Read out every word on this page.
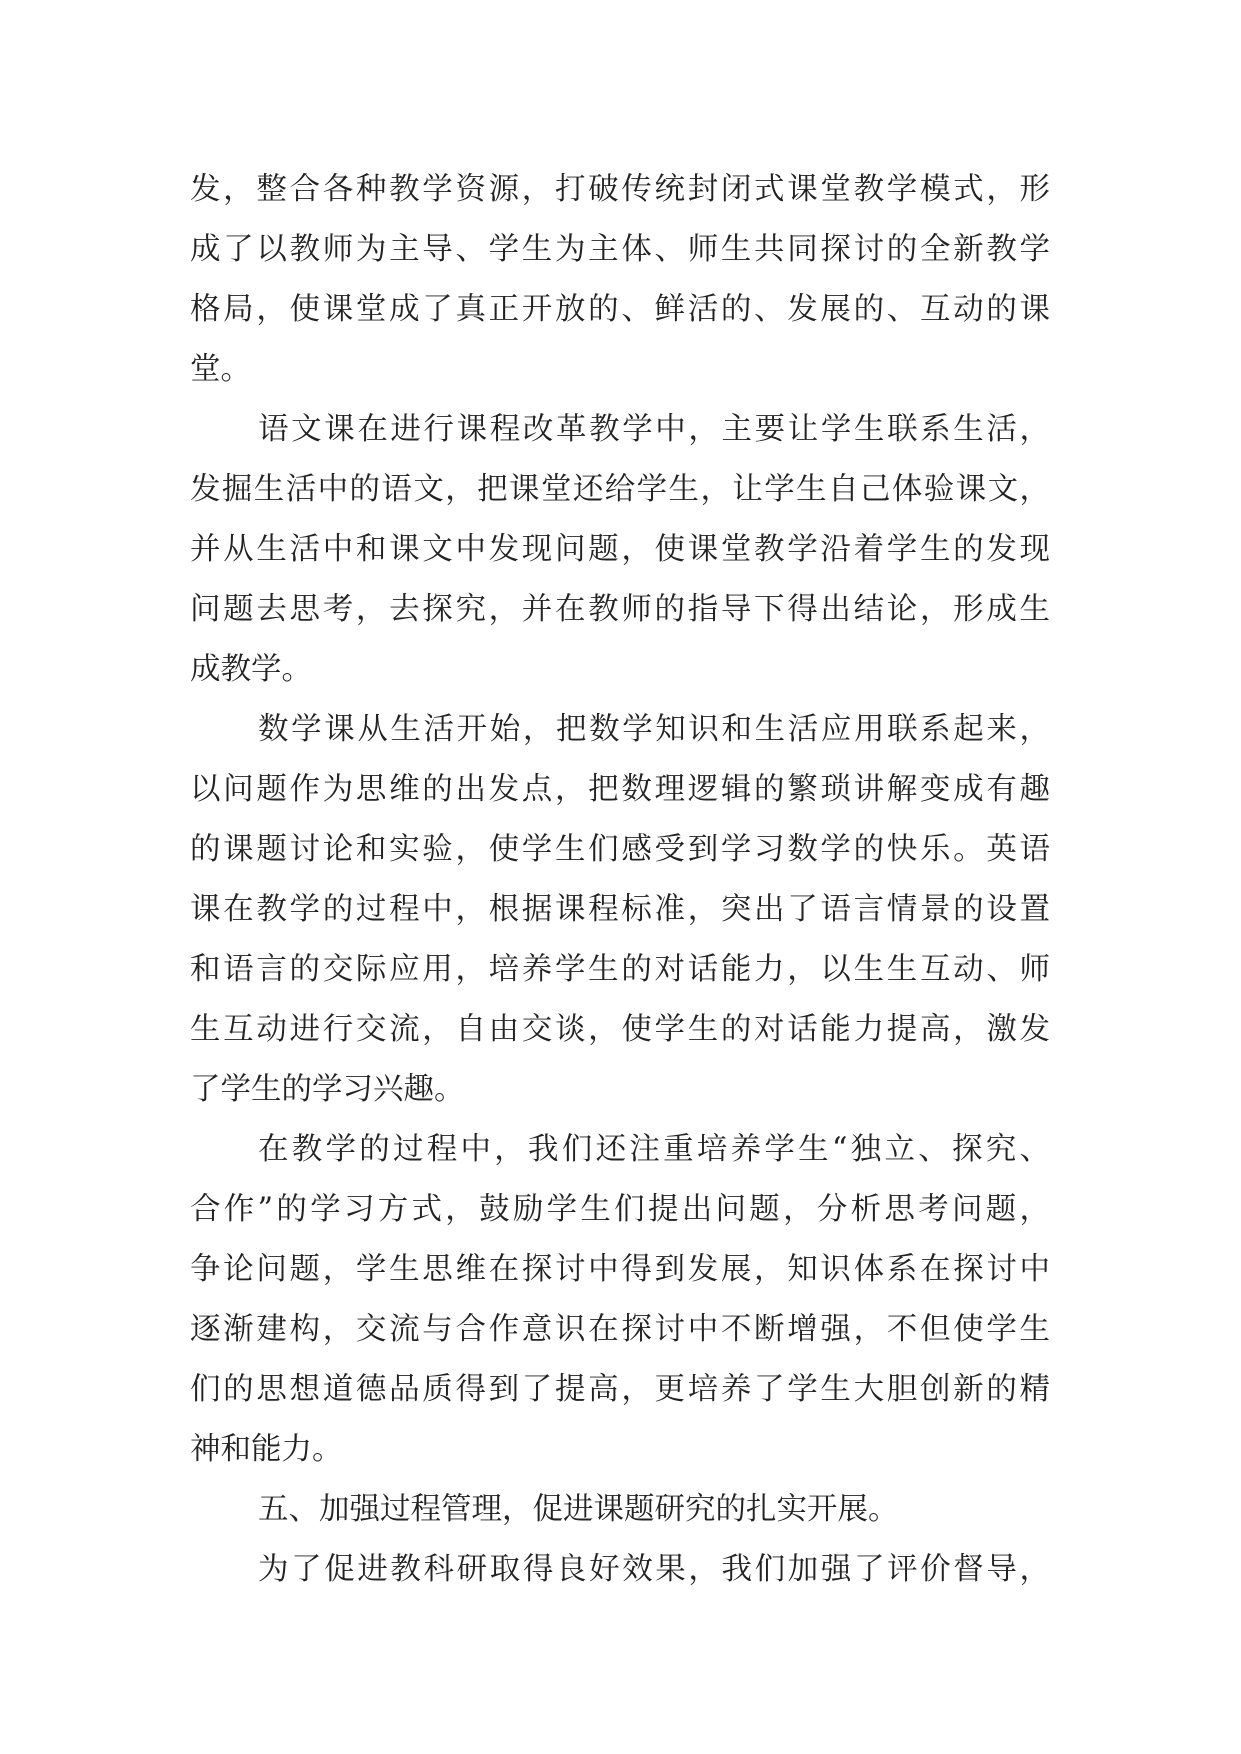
发，整合各种教学资源，打破传统封闭式课堂教学模式，形
成了以教师为主导、学生为主体、师生共同探讨的全新教学
格局，使课堂成了真正开放的、鲜活的、发展的、互动的课
堂。
语文课在进行课程改革教学中，主要让学生联系生活，
发掘生活中的语文，把课堂还给学生，让学生自己体验课文，
并从生活中和课文中发现问题，使课堂教学沿着学生的发现
问题去思考，去探究，并在教师的指导下得出结论，形成生
成教学。
数学课从生活开始，把数学知识和生活应用联系起来，
以问题作为思维的出发点，把数理逻辑的繁琐讲解变成有趣
的课题讨论和实验，使学生们感受到学习数学的快乐。英语
课在教学的过程中，根据课程标准，突出了语言情景的设置
和语言的交际应用，培养学生的对话能力，以生生互动、师
生互动进行交流，自由交谈，使学生的对话能力提高，激发
了学生的学习兴趣。
在教学的过程中，我们还注重培养学生“独立、探究、
合作”的学习方式，鼓励学生们提出问题，分析思考问题，
争论问题，学生思维在探讨中得到发展，知识体系在探讨中
逐渐建构，交流与合作意识在探讨中不断增强，不但使学生
们的思想道德品质得到了提高，更培养了学生大胆创新的精
神和能力。
五、加强过程管理，促进课题研究的扎实开展。
为了促进教科研取得良好效果，我们加强了评价督导，
